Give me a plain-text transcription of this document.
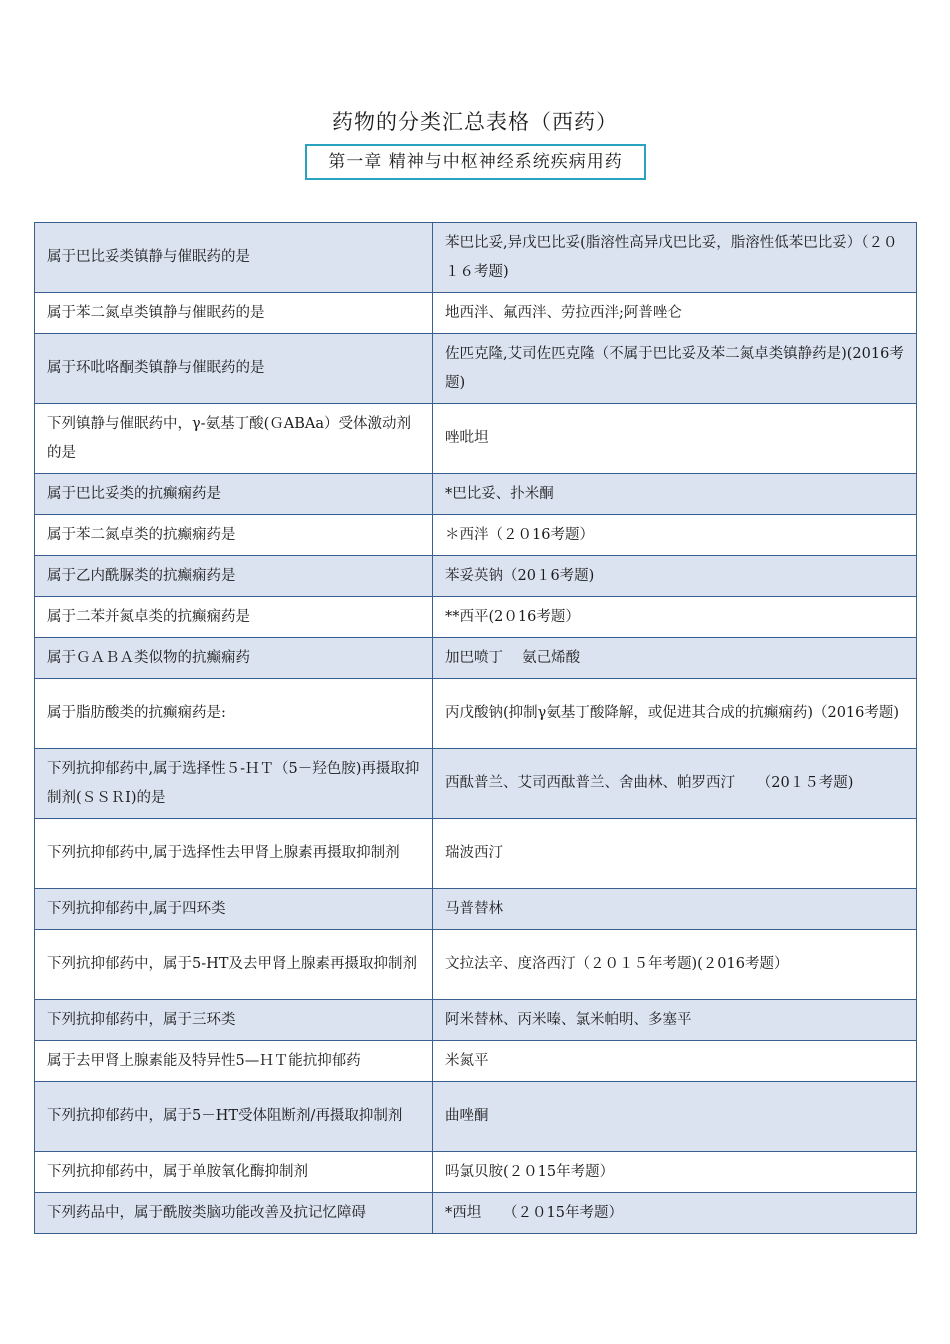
药物的分类汇总表格（西药）
第一章 精神与中枢神经系统疾病用药
属于巴比妥类镇静与催眠药的是	苯巴比妥,异戊巴比妥(脂溶性高异戊巴比妥，脂溶性低苯巴比妥）（２０１６考题)
属于苯二氮卓类镇静与催眠药的是	地西泮、氟西泮、劳拉西泮;阿普唑仑
属于环吡咯酮类镇静与催眠药的是	佐匹克隆,艾司佐匹克隆（不属于巴比妥及苯二氮卓类镇静药是)(2016考题)
下列镇静与催眠药中，γ-氨基丁酸(ＧABAa）受体激动剂的是	唑吡坦
属于巴比妥类的抗癫痫药是	*巴比妥、扑米酮
属于苯二氮卓类的抗癫痫药是	＊西泮（２０16考题）
属于乙内酰脲类的抗癫痫药是	苯妥英钠（20１6考题)
属于二苯并氮卓类的抗癫痫药是	**西平(2０16考题）
属于ＧＡＢＡ类似物的抗癫痫药	加巴喷丁　 氨己烯酸
属于脂肪酸类的抗癫痫药是:	丙戊酸钠(抑制γ氨基丁酸降解，或促进其合成的抗癫痫药)（2016考题)
下列抗抑郁药中,属于选择性５-ＨＴ（5－羟色胺)再摄取抑制剂(ＳＳＲI)的是	西酞普兰、艾司西酞普兰、舍曲林、帕罗西汀　　（20１５考题)
下列抗抑郁药中,属于选择性去甲肾上腺素再摄取抑制剂	瑞波西汀
下列抗抑郁药中,属于四环类	马普替林
下列抗抑郁药中，属于5-HT及去甲肾上腺素再摄取抑制剂	文拉法辛、度洛西汀（２０１５年考题)(２016考题）
下列抗抑郁药中，属于三环类	阿米替林、丙米嗪、氯米帕明、多塞平
属于去甲肾上腺素能及特异性5—ＨＴ能抗抑郁药	米氮平
下列抗抑郁药中，属于5－HT受体阻断剂/再摄取抑制剂	曲唑酮
下列抗抑郁药中，属于单胺氧化酶抑制剂	吗氯贝胺(２０15年考题）
下列药品中，属于酰胺类脑功能改善及抗记忆障碍	*西坦　　（２０15年考题）
